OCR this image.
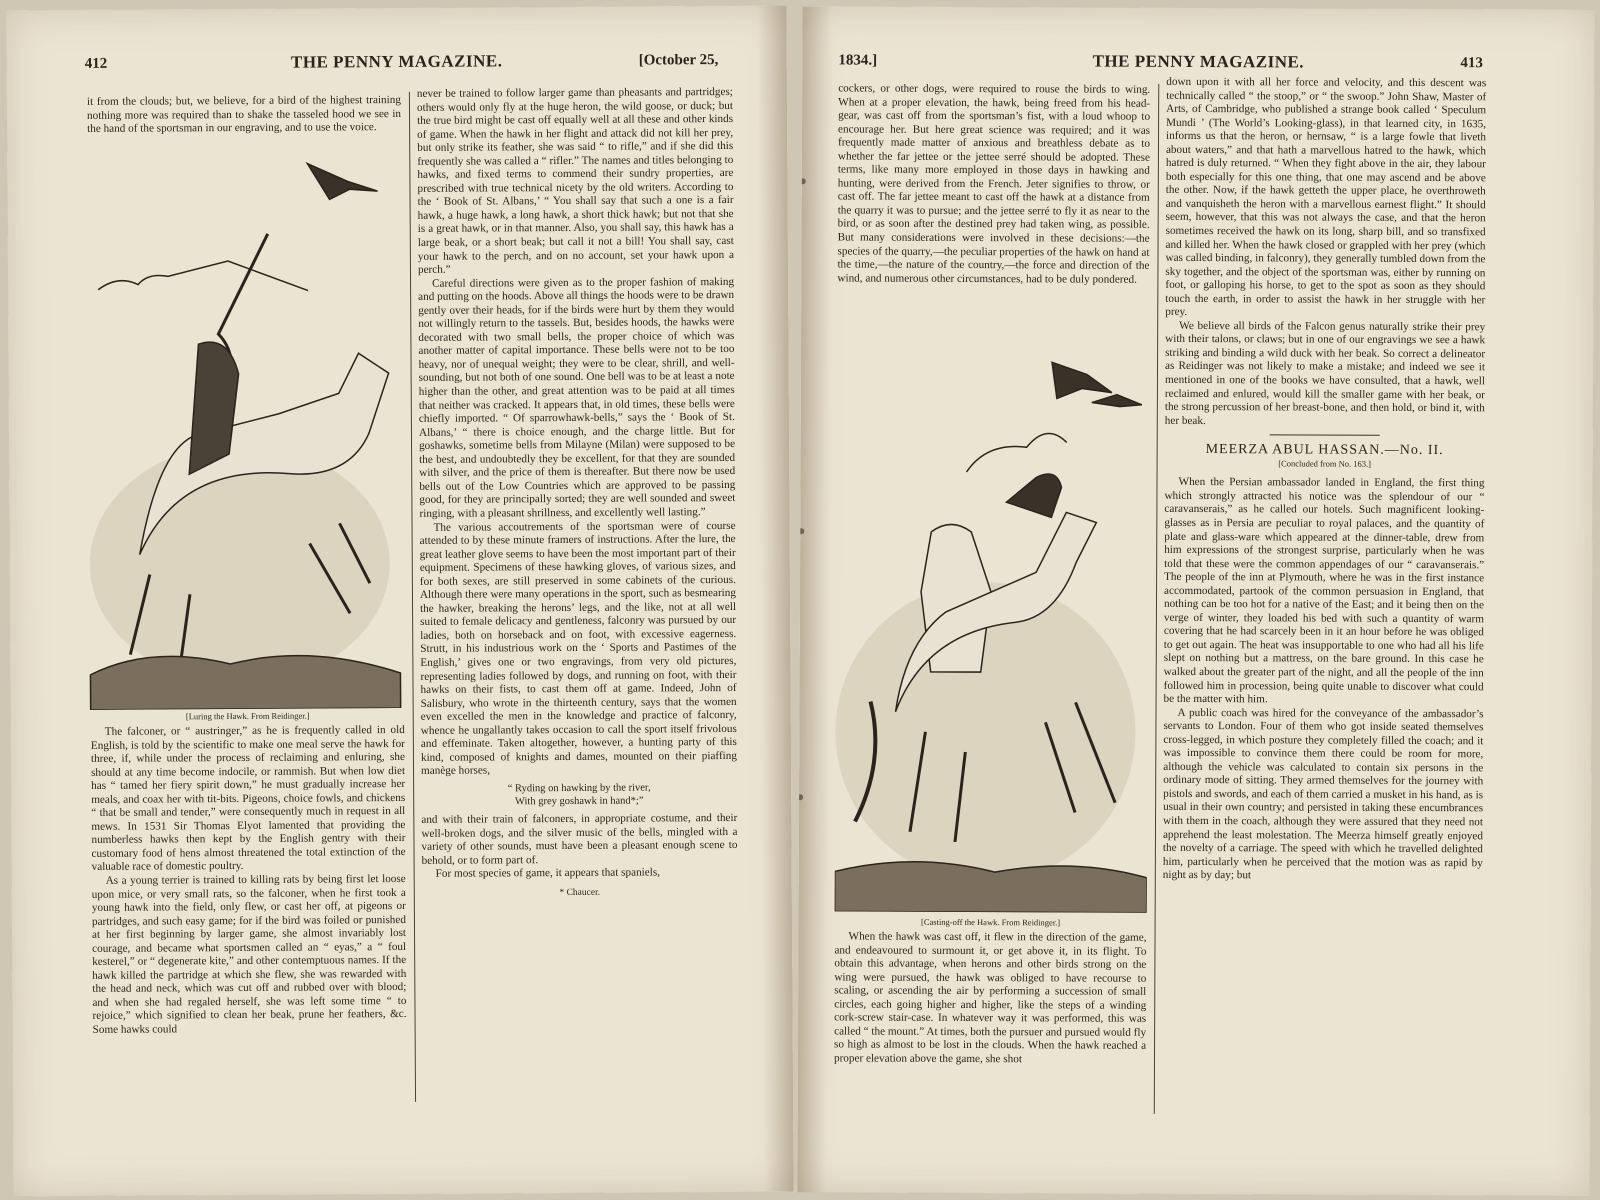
412	THE PENNY MAGAZINE.	[October 25,

it from the clouds; but, we believe, for a bird of the highest training nothing more was required than to shake the tasseled hood we see in the hand of the sportsman in our engraving, and to use the voice.

[Luring the Hawk. From Reidinger.]

The falconer, or “ austringer,” as he is frequently called in old English, is told by the scientific to make one meal serve the hawk for three, if, while under the process of reclaiming and enluring, she should at any time become indocile, or rammish. But when low diet has “ tamed her fiery spirit down,” he must gradually increase her meals, and coax her with tit-bits. Pigeons, choice fowls, and chickens “ that be small and tender,” were consequently much in request in all mews. In 1531 Sir Thomas Elyot lamented that providing the numberless hawks then kept by the English gentry with their customary food of hens almost threatened the total extinction of the valuable race of domestic poultry.

As a young terrier is trained to killing rats by being first let loose upon mice, or very small rats, so the falconer, when he first took a young hawk into the field, only flew, or cast her off, at pigeons or partridges, and such easy game; for if the bird was foiled or punished at her first beginning by larger game, she almost invariably lost courage, and became what sportsmen called an “ eyas,” a “ foul kesterel,” or “ degenerate kite,” and other contemptuous names. If the hawk killed the partridge at which she flew, she was rewarded with the head and neck, which was cut off and rubbed over with blood; and when she had regaled herself, she was left some time “ to rejoice,” which signified to clean her beak, prune her feathers, &c. Some hawks could

never be trained to follow larger game than pheasants and partridges; others would only fly at the huge heron, the wild goose, or duck; but the true bird might be cast off equally well at all these and other kinds of game. When the hawk in her flight and attack did not kill her prey, but only strike its feather, she was said “ to rifle,” and if she did this frequently she was called a “ rifler.” The names and titles belonging to hawks, and fixed terms to commend their sundry properties, are prescribed with true technical nicety by the old writers. According to the ‘ Book of St. Albans,’ “ You shall say that such a one is a fair hawk, a huge hawk, a long hawk, a short thick hawk; but not that she is a great hawk, or in that manner. Also, you shall say, this hawk has a large beak, or a short beak; but call it not a bill! You shall say, cast your hawk to the perch, and on no account, set your hawk upon a perch.”

Careful directions were given as to the proper fashion of making and putting on the hoods. Above all things the hoods were to be drawn gently over their heads, for if the birds were hurt by them they would not willingly return to the tassels. But, besides hoods, the hawks were decorated with two small bells, the proper choice of which was another matter of capital importance. These bells were not to be too heavy, nor of unequal weight; they were to be clear, shrill, and well-sounding, but not both of one sound. One bell was to be at least a note higher than the other, and great attention was to be paid at all times that neither was cracked. It appears that, in old times, these bells were chiefly imported. “ Of sparrowhawk-bells,” says the ‘ Book of St. Albans,’ “ there is choice enough, and the charge little. But for goshawks, sometime bells from Milayne (Milan) were supposed to be the best, and undoubtedly they be excellent, for that they are sounded with silver, and the price of them is thereafter. But there now be used bells out of the Low Countries which are approved to be passing good, for they are principally sorted; they are well sounded and sweet ringing, with a pleasant shrillness, and excellently well lasting.”

The various accoutrements of the sportsman were of course attended to by these minute framers of instructions. After the lure, the great leather glove seems to have been the most important part of their equipment. Specimens of these hawking gloves, of various sizes, and for both sexes, are still preserved in some cabinets of the curious. Although there were many operations in the sport, such as besmearing the hawker, breaking the herons’ legs, and the like, not at all well suited to female delicacy and gentleness, falconry was pursued by our ladies, both on horseback and on foot, with excessive eagerness. Strutt, in his industrious work on the ‘ Sports and Pastimes of the English,’ gives one or two engravings, from very old pictures, representing ladies followed by dogs, and running on foot, with their hawks on their fists, to cast them off at game. Indeed, John of Salisbury, who wrote in the thirteenth century, says that the women even excelled the men in the knowledge and practice of falconry, whence he ungallantly takes occasion to call the sport itself frivolous and effeminate. Taken altogether, however, a hunting party of this kind, composed of knights and dames, mounted on their piaffing manège horses,

“ Ryding on hawking by the river,
With grey goshawk in hand*;”

and with their train of falconers, in appropriate costume, and their well-broken dogs, and the silver music of the bells, mingled with a variety of other sounds, must have been a pleasant enough scene to behold, or to form part of.

For most species of game, it appears that spaniels,

* Chaucer.
1834.]	THE PENNY MAGAZINE.	413

cockers, or other dogs, were required to rouse the birds to wing. When at a proper elevation, the hawk, being freed from his head-gear, was cast off from the sportsman’s fist, with a loud whoop to encourage her. But here great science was required; and it was frequently made matter of anxious and breathless debate as to whether the far jettee or the jettee serré should be adopted. These terms, like many more employed in those days in hawking and hunting, were derived from the French. Jeter signifies to throw, or cast off. The far jettee meant to cast off the hawk at a distance from the quarry it was to pursue; and the jettee serré to fly it as near to the bird, or as soon after the destined prey had taken wing, as possible. But many considerations were involved in these decisions:—the species of the quarry,—the peculiar properties of the hawk on hand at the time,—the nature of the country,—the force and direction of the wind, and numerous other circumstances, had to be duly pondered.

[Casting-off the Hawk. From Reidinger.]

When the hawk was cast off, it flew in the direction of the game, and endeavoured to surmount it, or get above it, in its flight. To obtain this advantage, when herons and other birds strong on the wing were pursued, the hawk was obliged to have recourse to scaling, or ascending the air by performing a succession of small circles, each going higher and higher, like the steps of a winding cork-screw stair-case. In whatever way it was performed, this was called “ the mount.” At times, both the pursuer and pursued would fly so high as almost to be lost in the clouds. When the hawk reached a proper elevation above the game, she shot

down upon it with all her force and velocity, and this descent was technically called “ the stoop,” or “ the swoop.” John Shaw, Master of Arts, of Cambridge, who published a strange book called ‘ Speculum Mundi ’ (The World’s Looking-glass), in that learned city, in 1635, informs us that the heron, or hernsaw, “ is a large fowle that liveth about waters,” and that hath a marvellous hatred to the hawk, which hatred is duly returned. “ When they fight above in the air, they labour both especially for this one thing, that one may ascend and be above the other. Now, if the hawk getteth the upper place, he overthroweth and vanquisheth the heron with a marvellous earnest flight.” It should seem, however, that this was not always the case, and that the heron sometimes received the hawk on its long, sharp bill, and so transfixed and killed her. When the hawk closed or grappled with her prey (which was called binding, in falconry), they generally tumbled down from the sky together, and the object of the sportsman was, either by running on foot, or galloping his horse, to get to the spot as soon as they should touch the earth, in order to assist the hawk in her struggle with her prey.

We believe all birds of the Falcon genus naturally strike their prey with their talons, or claws; but in one of our engravings we see a hawk striking and binding a wild duck with her beak. So correct a delineator as Reidinger was not likely to make a mistake; and indeed we see it mentioned in one of the books we have consulted, that a hawk, well reclaimed and enlured, would kill the smaller game with her beak, or the strong percussion of her breast-bone, and then hold, or bind it, with her beak.

MEERZA ABUL HASSAN.—No. II.
[Concluded from No. 163.]

When the Persian ambassador landed in England, the first thing which strongly attracted his notice was the splendour of our “ caravanserais,” as he called our hotels. Such magnificent looking-glasses as in Persia are peculiar to royal palaces, and the quantity of plate and glass-ware which appeared at the dinner-table, drew from him expressions of the strongest surprise, particularly when he was told that these were the common appendages of our “ caravanserais.” The people of the inn at Plymouth, where he was in the first instance accommodated, partook of the common persuasion in England, that nothing can be too hot for a native of the East; and it being then on the verge of winter, they loaded his bed with such a quantity of warm covering that he had scarcely been in it an hour before he was obliged to get out again. The heat was insupportable to one who had all his life slept on nothing but a mattress, on the bare ground. In this case he walked about the greater part of the night, and all the people of the inn followed him in procession, being quite unable to discover what could be the matter with him.

A public coach was hired for the conveyance of the ambassador’s servants to London. Four of them who got inside seated themselves cross-legged, in which posture they completely filled the coach; and it was impossible to convince them there could be room for more, although the vehicle was calculated to contain six persons in the ordinary mode of sitting. They armed themselves for the journey with pistols and swords, and each of them carried a musket in his hand, as is usual in their own country; and persisted in taking these encumbrances with them in the coach, although they were assured that they need not apprehend the least molestation. The Meerza himself greatly enjoyed the novelty of a carriage. The speed with which he travelled delighted him, particularly when he perceived that the motion was as rapid by night as by day; but
